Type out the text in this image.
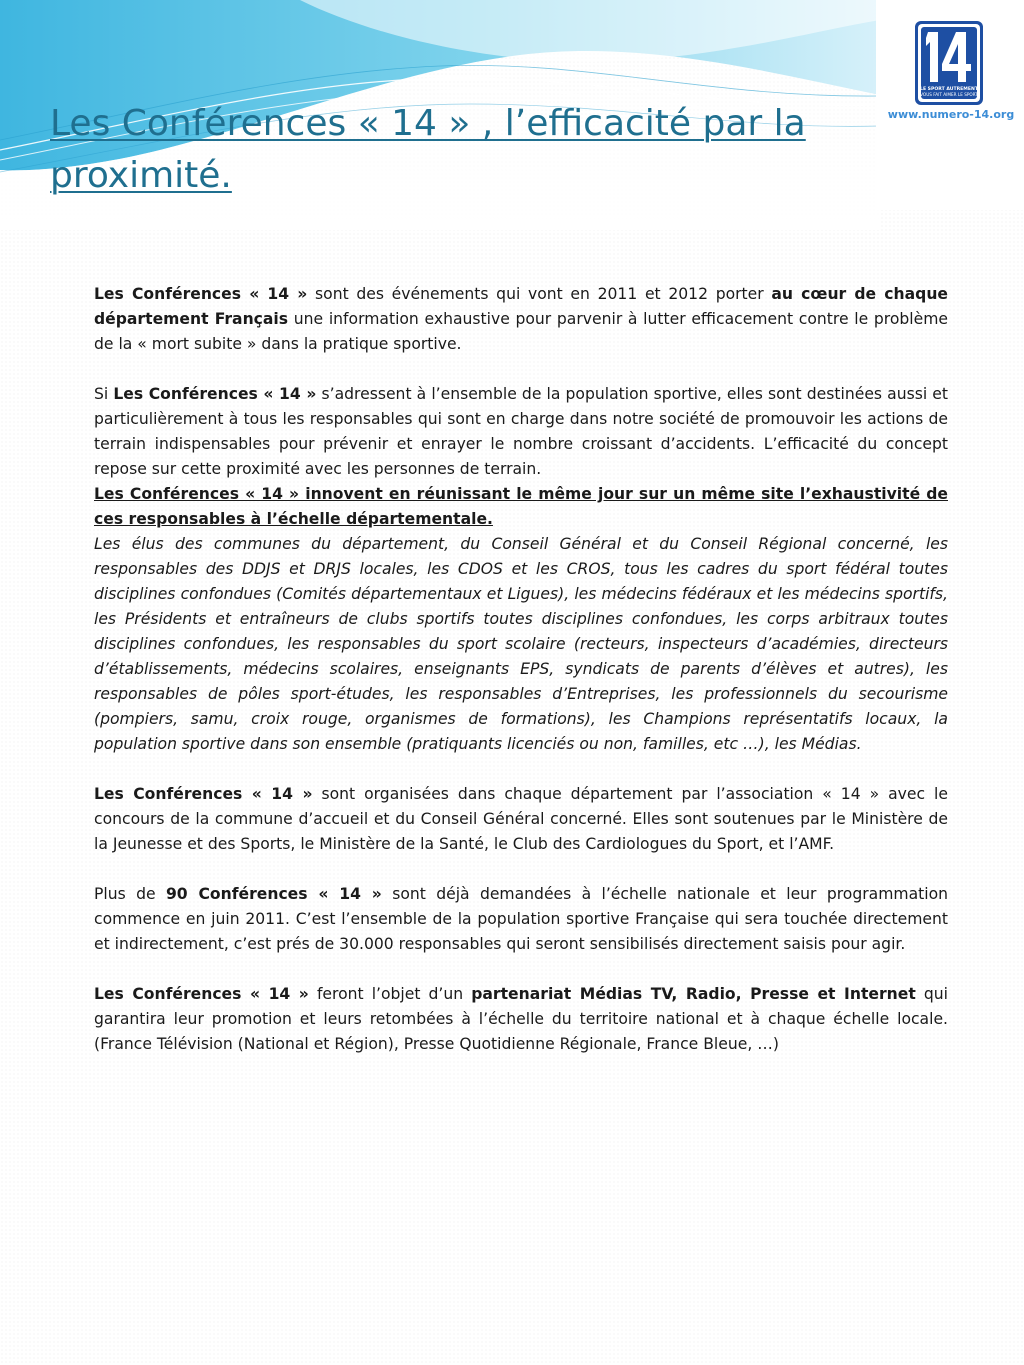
Les Conférences « 14 » , l’efficacité par la proximité.
LE SPORT AUTREMENT
VOUS FAIT AIMER LE SPORT
www.numero-14.org

Les Conférences « 14 » sont des événements qui vont en 2011 et 2012 porter au cœur de chaque département Français une information exhaustive pour parvenir à lutter efficacement contre le problème de la « mort subite » dans la pratique sportive.

Si Les Conférences « 14 » s’adressent à l’ensemble de la population sportive, elles sont destinées aussi et particulièrement à tous les responsables qui sont en charge dans notre société de promouvoir les actions de terrain indispensables pour prévenir et enrayer le nombre croissant d’accidents. L’efficacité du concept repose sur cette proximité avec les personnes de terrain.

Les Conférences « 14 » innovent en réunissant le même jour sur un même site l’exhaustivité de ces responsables à l’échelle départementale.

Les élus des communes du département, du Conseil Général et du Conseil Régional concerné, les responsables des DDJS et DRJS locales, les CDOS et les CROS, tous les cadres du sport fédéral toutes disciplines confondues (Comités départementaux et Ligues), les médecins fédéraux et les médecins sportifs, les Présidents et entraîneurs de clubs sportifs toutes disciplines confondues, les corps arbitraux toutes disciplines confondues, les responsables du sport scolaire (recteurs, inspecteurs d’académies, directeurs d’établissements, médecins scolaires, enseignants EPS, syndicats de parents d’élèves et autres), les responsables de pôles sport-études, les responsables d’Entreprises, les professionnels du secourisme (pompiers, samu, croix rouge, organismes de formations), les Champions représentatifs locaux, la population sportive dans son ensemble (pratiquants licenciés ou non, familles, etc …), les Médias.

Les Conférences « 14 » sont organisées dans chaque département par l’association « 14 » avec le concours de la commune d’accueil et du Conseil Général concerné. Elles sont soutenues par le Ministère de la Jeunesse et des Sports, le Ministère de la Santé, le Club des Cardiologues du Sport, et l’AMF.

Plus de 90 Conférences « 14 » sont déjà demandées à l’échelle nationale et leur programmation commence en juin 2011. C’est l’ensemble de la population sportive Française qui sera touchée directement et indirectement, c’est prés de 30.000 responsables qui seront sensibilisés directement saisis pour agir.

Les Conférences « 14 » feront l’objet d’un partenariat Médias TV, Radio, Presse et Internet qui garantira leur promotion et leurs retombées à l’échelle du territoire national et à chaque échelle locale. (France Télévision (National et Région), Presse Quotidienne Régionale, France Bleue, …)
